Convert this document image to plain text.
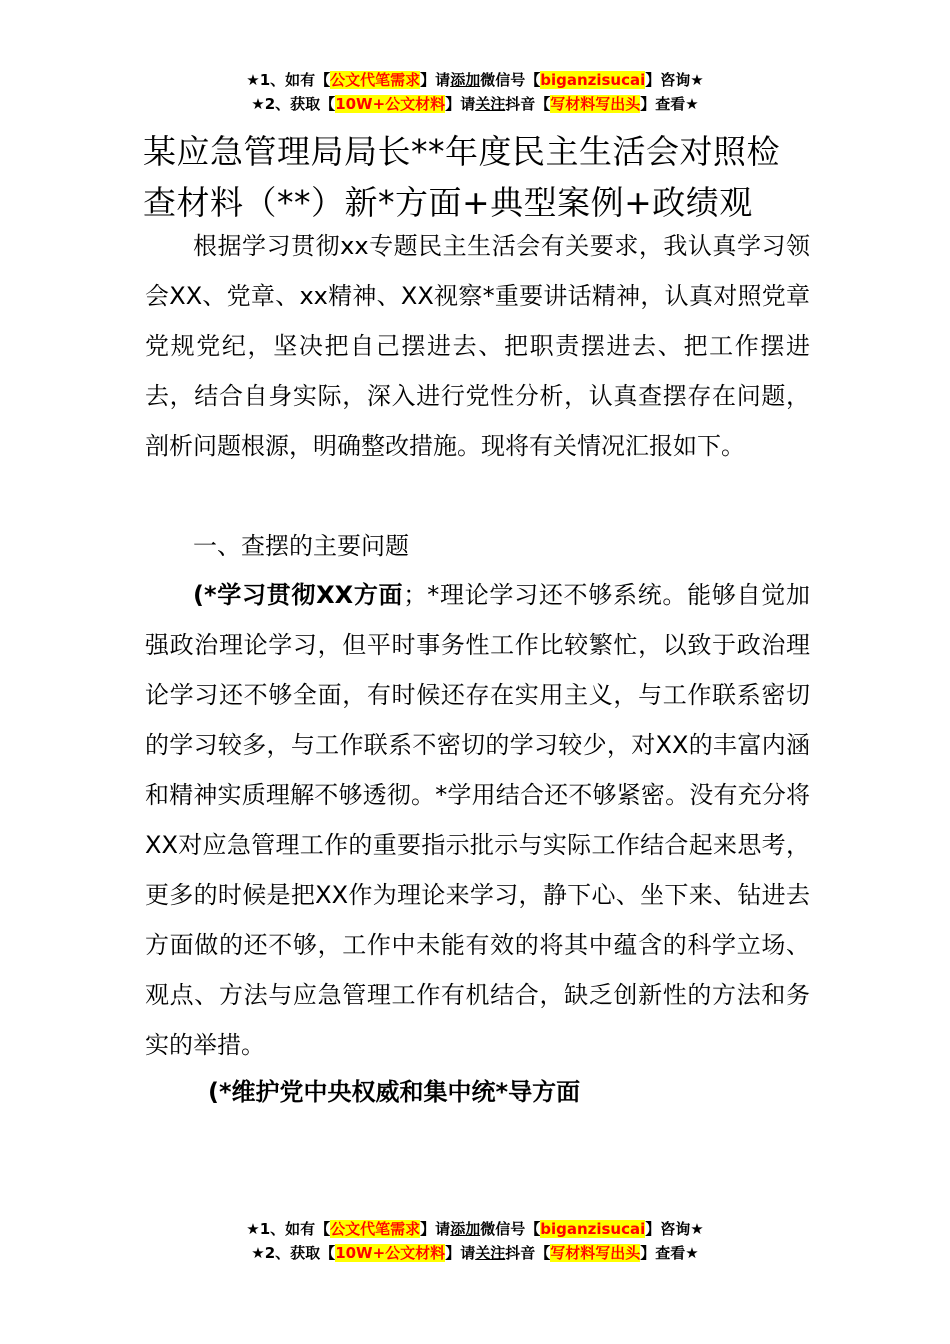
★1、如有【公文代笔需求】请添加微信号【biganzisucai】咨询★
★2、获取【10W+公文材料】请关注抖音【写材料写出头】查看★
某应急管理局局长**年度民主生活会对照检查材料（**）新*方面+典型案例+政绩观

根据学习贯彻xx专题民主生活会有关要求，我认真学习领会XX、党章、xx精神、XX视察*重要讲话精神，认真对照党章党规党纪，坚决把自己摆进去、把职责摆进去、把工作摆进去，结合自身实际，深入进行党性分析，认真查摆存在问题，剖析问题根源，明确整改措施。现将有关情况汇报如下。

一、查摆的主要问题

(*学习贯彻XX方面；*理论学习还不够系统。能够自觉加强政治理论学习，但平时事务性工作比较繁忙，以致于政治理论学习还不够全面，有时候还存在实用主义，与工作联系密切的学习较多，与工作联系不密切的学习较少，对XX的丰富内涵和精神实质理解不够透彻。*学用结合还不够紧密。没有充分将XX对应急管理工作的重要指示批示与实际工作结合起来思考，更多的时候是把XX作为理论来学习，静下心、坐下来、钻进去方面做的还不够，工作中未能有效的将其中蕴含的科学立场、观点、方法与应急管理工作有机结合，缺乏创新性的方法和务实的举措。

(*维护党中央权威和集中统*导方面
★1、如有【公文代笔需求】请添加微信号【biganzisucai】咨询★
★2、获取【10W+公文材料】请关注抖音【写材料写出头】查看★
